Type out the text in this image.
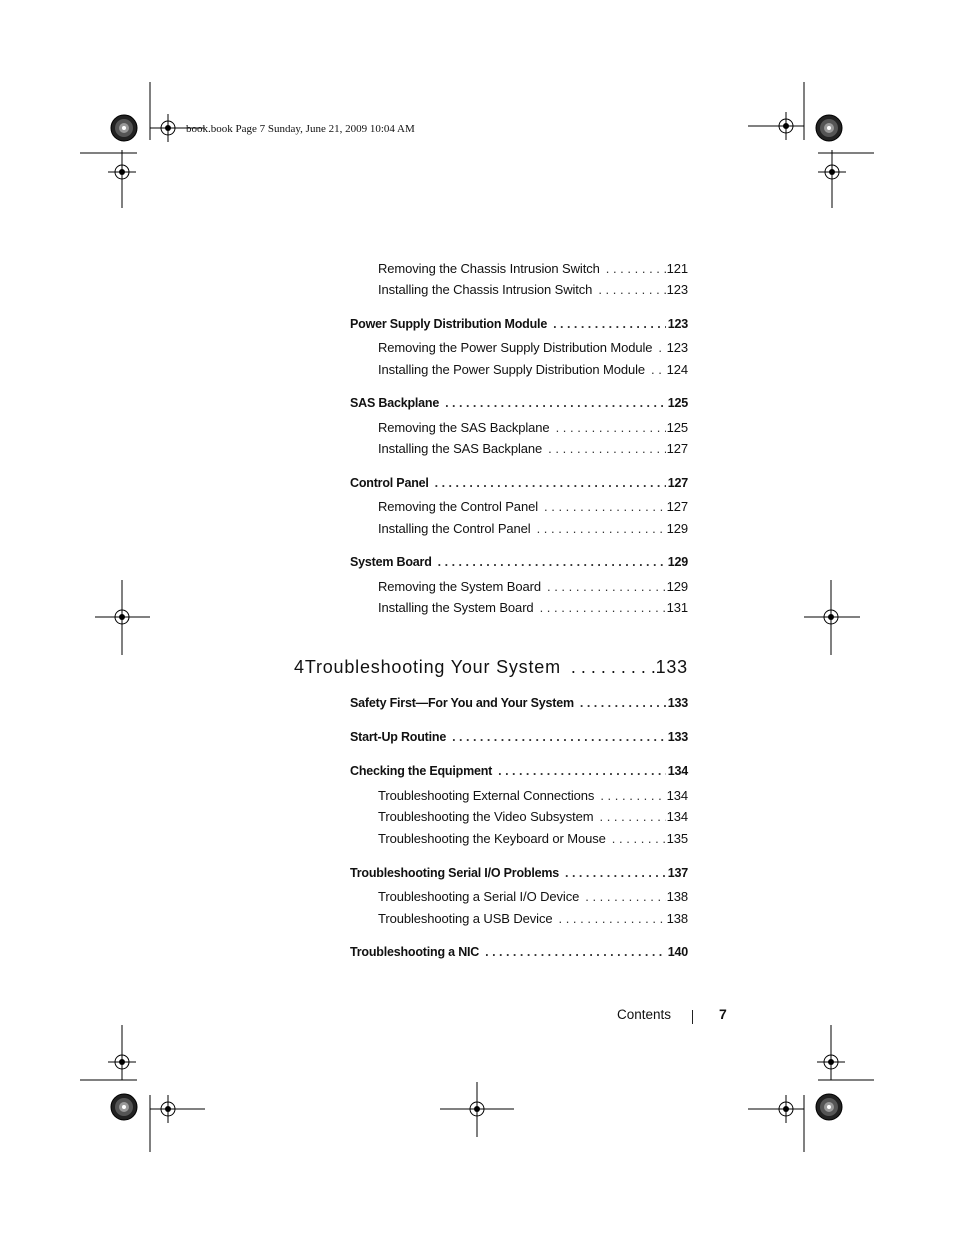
book.book Page 7 Sunday, June 21, 2009 10:04 AM
Removing the Chassis Intrusion Switch . . .	121
Installing the Chassis Intrusion Switch . . .	123
Power Supply Distribution Module . . .	123
Removing the Power Supply Distribution Module . . . 123
Installing the Power Supply Distribution Module . . . 124
SAS Backplane . . .	125
Removing the SAS Backplane . . .	125
Installing the SAS Backplane . . .	127
Control Panel . . .	127
Removing the Control Panel . . .	127
Installing the Control Panel . . .	129
System Board . . .	129
Removing the System Board . . .	129
Installing the System Board . . .	131
4 Troubleshooting Your System . . .	133
Safety First—For You and Your System . . .	133
Start-Up Routine . . .	133
Checking the Equipment . . .	134
Troubleshooting External Connections . . .	134
Troubleshooting the Video Subsystem . . .	134
Troubleshooting the Keyboard or Mouse . . .	135
Troubleshooting Serial I/O Problems . . .	137
Troubleshooting a Serial I/O Device . . .	138
Troubleshooting a USB Device . . .	138
Troubleshooting a NIC . . .	140
Contents	7
